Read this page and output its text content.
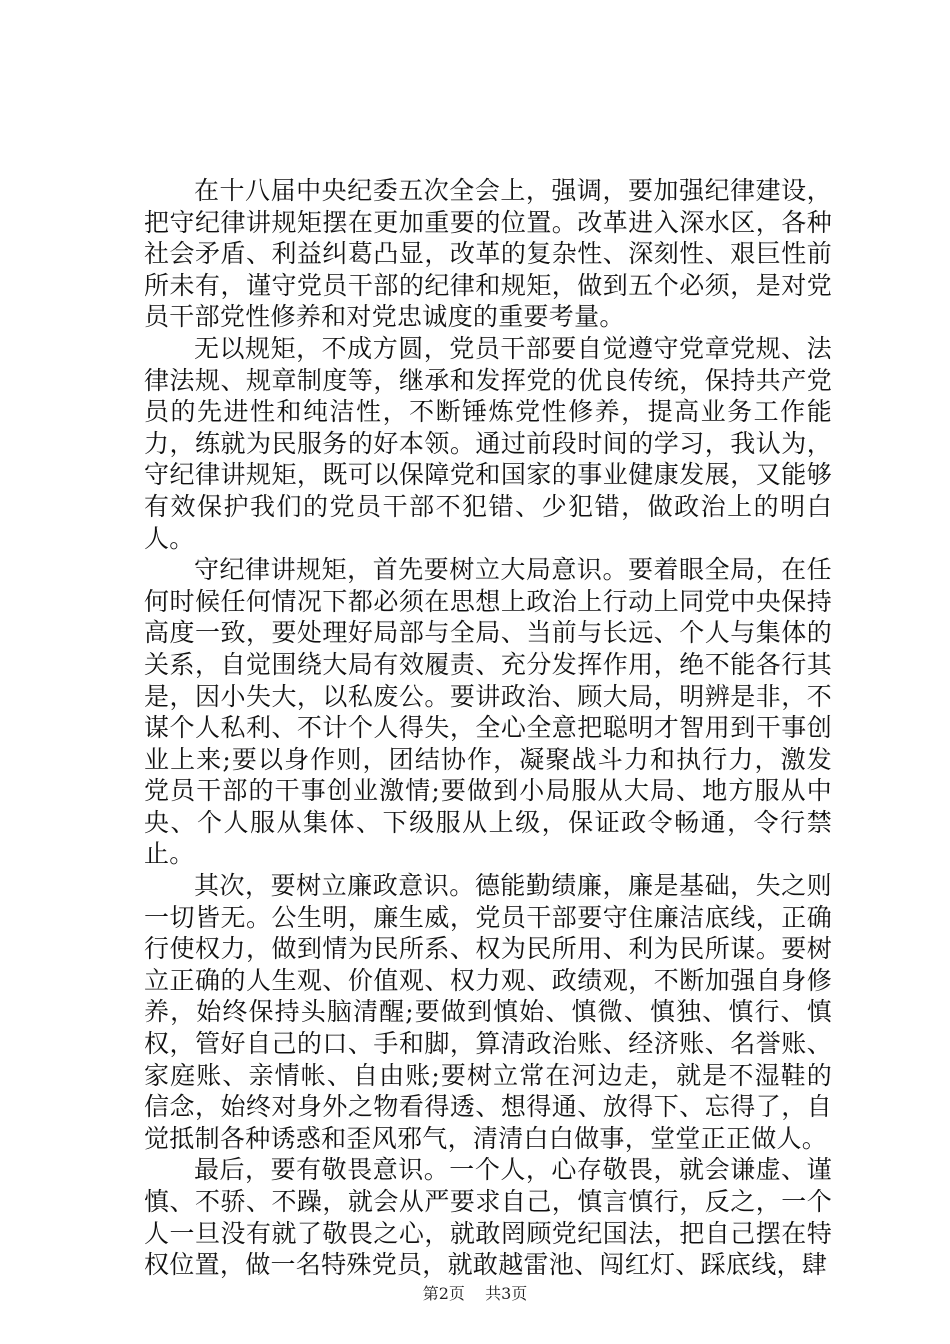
在十八届中央纪委五次全会上，强调，要加强纪律建设，把守纪律讲规矩摆在更加重要的位置。改革进入深水区，各种社会矛盾、利益纠葛凸显，改革的复杂性、深刻性、艰巨性前所未有，谨守党员干部的纪律和规矩，做到五个必须，是对党员干部党性修养和对党忠诚度的重要考量。

无以规矩，不成方圆，党员干部要自觉遵守党章党规、法律法规、规章制度等，继承和发挥党的优良传统，保持共产党员的先进性和纯洁性，不断锤炼党性修养，提高业务工作能力，练就为民服务的好本领。通过前段时间的学习，我认为，守纪律讲规矩，既可以保障党和国家的事业健康发展，又能够有效保护我们的党员干部不犯错、少犯错，做政治上的明白人。

守纪律讲规矩，首先要树立大局意识。要着眼全局，在任何时候任何情况下都必须在思想上政治上行动上同党中央保持高度一致，要处理好局部与全局、当前与长远、个人与集体的关系，自觉围绕大局有效履责、充分发挥作用，绝不能各行其是，因小失大，以私废公。要讲政治、顾大局，明辨是非，不谋个人私利、不计个人得失，全心全意把聪明才智用到干事创业上来;要以身作则，团结协作，凝聚战斗力和执行力，激发党员干部的干事创业激情;要做到小局服从大局、地方服从中央、个人服从集体、下级服从上级，保证政令畅通，令行禁止。

其次，要树立廉政意识。德能勤绩廉，廉是基础，失之则一切皆无。公生明，廉生威，党员干部要守住廉洁底线，正确行使权力，做到情为民所系、权为民所用、利为民所谋。要树立正确的人生观、价值观、权力观、政绩观，不断加强自身修养，始终保持头脑清醒;要做到慎始、慎微、慎独、慎行、慎权，管好自己的口、手和脚，算清政治账、经济账、名誉账、家庭账、亲情帐、自由账;要树立常在河边走，就是不湿鞋的信念，始终对身外之物看得透、想得通、放得下、忘得了，自觉抵制各种诱惑和歪风邪气，清清白白做事，堂堂正正做人。

最后，要有敬畏意识。一个人，心存敬畏，就会谦虚、谨慎、不骄、不躁，就会从严要求自己，慎言慎行，反之，一个人一旦没有就了敬畏之心，就敢罔顾党纪国法，把自己摆在特权位置，做一名特殊党员，就敢越雷池、闯红灯、踩底线，肆

第2页 共3页
